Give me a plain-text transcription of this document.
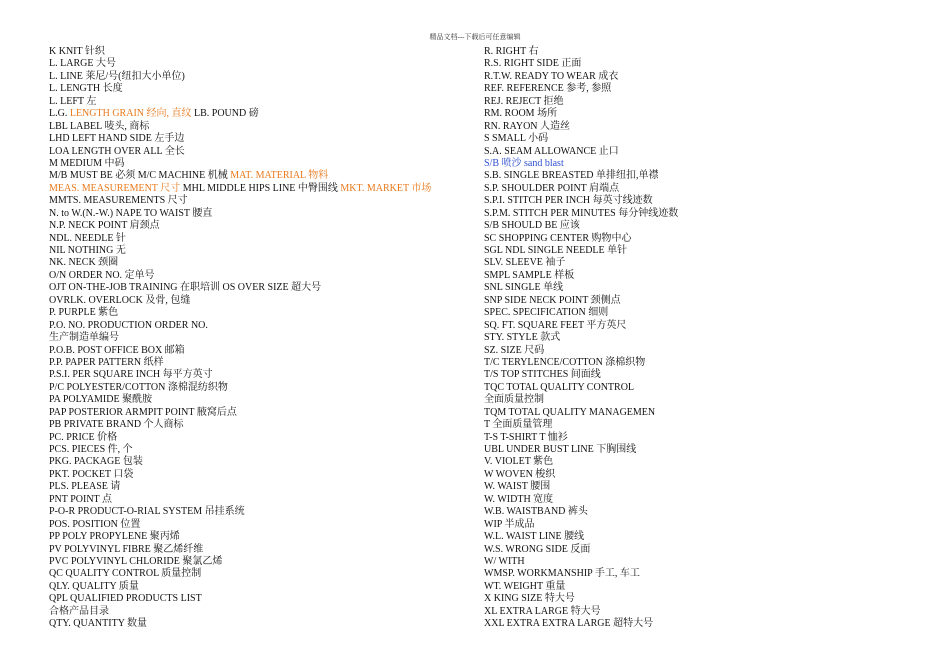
精品文档---下载后可任意编辑
K KNIT 针织
L. LARGE 大号
L. LINE 莱尼/号(纽扣大小单位)
L. LENGTH 长度
L. LEFT 左
L.G. LENGTH GRAIN 经向, 直纹 LB. POUND 磅
LBL LABEL 唛头, 商标
LHD LEFT HAND SIDE 左手边
LOA LENGTH OVER ALL 全长
M MEDIUM 中码
M/B MUST BE 必须 M/C MACHINE 机械 MAT. MATERIAL 物料
MEAS. MEASUREMENT 尺寸 MHL MIDDLE HIPS LINE 中臀围线 MKT. MARKET 市场
MMTS. MEASUREMENTS 尺寸
N. to W.(N.-W.) NAPE TO WAIST 腰直
N.P. NECK POINT 肩颈点
NDL. NEEDLE 针
NIL NOTHING 无
NK. NECK 颈圈
O/N ORDER NO. 定单号
OJT ON-THE-JOB TRAINING 在职培训 OS OVER SIZE 超大号
OVRLK. OVERLOCK 及骨, 包缝
P. PURPLE 紫色
P.O. NO. PRODUCTION ORDER NO.
生产制造单编号
P.O.B. POST OFFICE BOX 邮箱
P.P. PAPER PATTERN 纸样
P.S.I. PER SQUARE INCH 每平方英寸
P/C POLYESTER/COTTON 涤棉混纺织物
PA POLYAMIDE 聚酰胺
PAP POSTERIOR ARMPIT POINT 腋窝后点
PB PRIVATE BRAND 个人商标
PC. PRICE 价格
PCS. PIECES 件, 个
PKG. PACKAGE 包装
PKT. POCKET 口袋
PLS. PLEASE 请
PNT POINT 点
P-O-R PRODUCT-O-RIAL SYSTEM 吊挂系统
POS. POSITION 位置
PP POLY PROPYLENE 聚丙烯
PV POLYVINYL FIBRE 聚乙烯纤维
PVC POLYVINYL CHLORIDE 聚氯乙烯
QC QUALITY CONTROL 质量控制
QLY. QUALITY 质量
QPL QUALIFIED PRODUCTS LIST
合格产品目录
QTY. QUANTITY 数量
R. RIGHT 右
R.S. RIGHT SIDE 正面
R.T.W. READY TO WEAR 成衣
REF. REFERENCE 参考, 参照
REJ. REJECT 拒绝
RM. ROOM 场所
RN. RAYON 人造丝
S SMALL 小码
S.A. SEAM ALLOWANCE 止口
S/B 喷沙 sand blast
S.B. SINGLE BREASTED 单排纽扣,单襟
S.P. SHOULDER POINT 肩端点
S.P.I. STITCH PER INCH 每英寸线迹数
S.P.M. STITCH PER MINUTES 每分钟线迹数
S/B SHOULD BE 应该
SC SHOPPING CENTER 购物中心
SGL NDL SINGLE NEEDLE 单针
SLV. SLEEVE 袖子
SMPL SAMPLE 样板
SNL SINGLE 单线
SNP SIDE NECK POINT 颈侧点
SPEC. SPECIFICATION 细则
SQ. FT. SQUARE FEET 平方英尺
STY. STYLE 款式
SZ. SIZE 尺码
T/C TERYLENCE/COTTON 涤棉织物
T/S TOP STITCHES 间面线
TQC TOTAL QUALITY CONTROL
全面质量控制
TQM TOTAL QUALITY MANAGEMEN
T 全面质量管理
T-S T-SHIRT T 恤衫
UBL UNDER BUST LINE 下胸围线
V. VIOLET 紫色
W WOVEN 梭织
W. WAIST 腰围
W. WIDTH 宽度
W.B. WAISTBAND 裤头
WIP 半成品
W.L. WAIST LINE 腰线
W.S. WRONG SIDE 反面
W/ WITH
WMSP. WORKMANSHIP 手工, 车工
WT. WEIGHT 重量
X KING SIZE 特大号
XL EXTRA LARGE 特大号
XXL EXTRA EXTRA LARGE 超特大号
